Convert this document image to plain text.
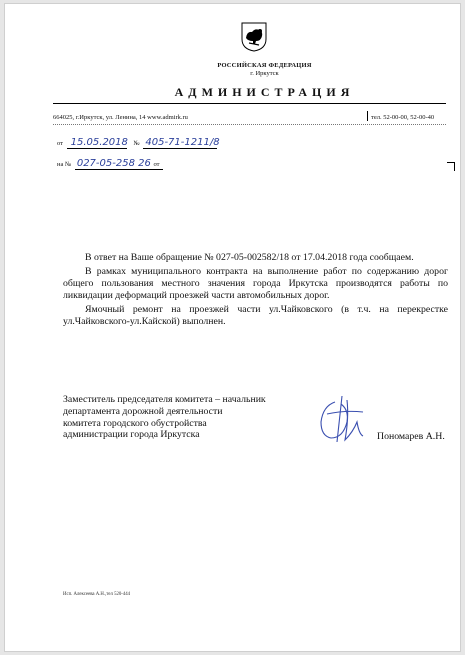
РОССИЙСКАЯ ФЕДЕРАЦИЯ
г. Иркутск
АДМИНИСТРАЦИЯ
664025, г.Иркутск, ул. Ленина, 14 www.admirk.ru	тел. 52-00-00, 52-00-40
от 15.05.2018 № 405-71-1211/8
на № 027-05-258 26 от

В ответ на Ваше обращение № 027-05-002582/18 от 17.04.2018 года сообщаем.

В рамках муниципального контракта на выполнение работ по содержанию дорог общего пользования местного значения города Иркутска производятся работы по ликвидации деформаций проезжей части автомобильных дорог.

Ямочный ремонт на проезжей части ул.Чайковского (в т.ч. на перекрестке ул.Чайковского-ул.Кайской) выполнен.

Заместитель председателя комитета – начальник
департамента дорожной деятельности
комитета городского обустройства
администрации города Иркутска	Пономарев А.Н.
Исп. Алексеева А.Н.,тел 520-444
